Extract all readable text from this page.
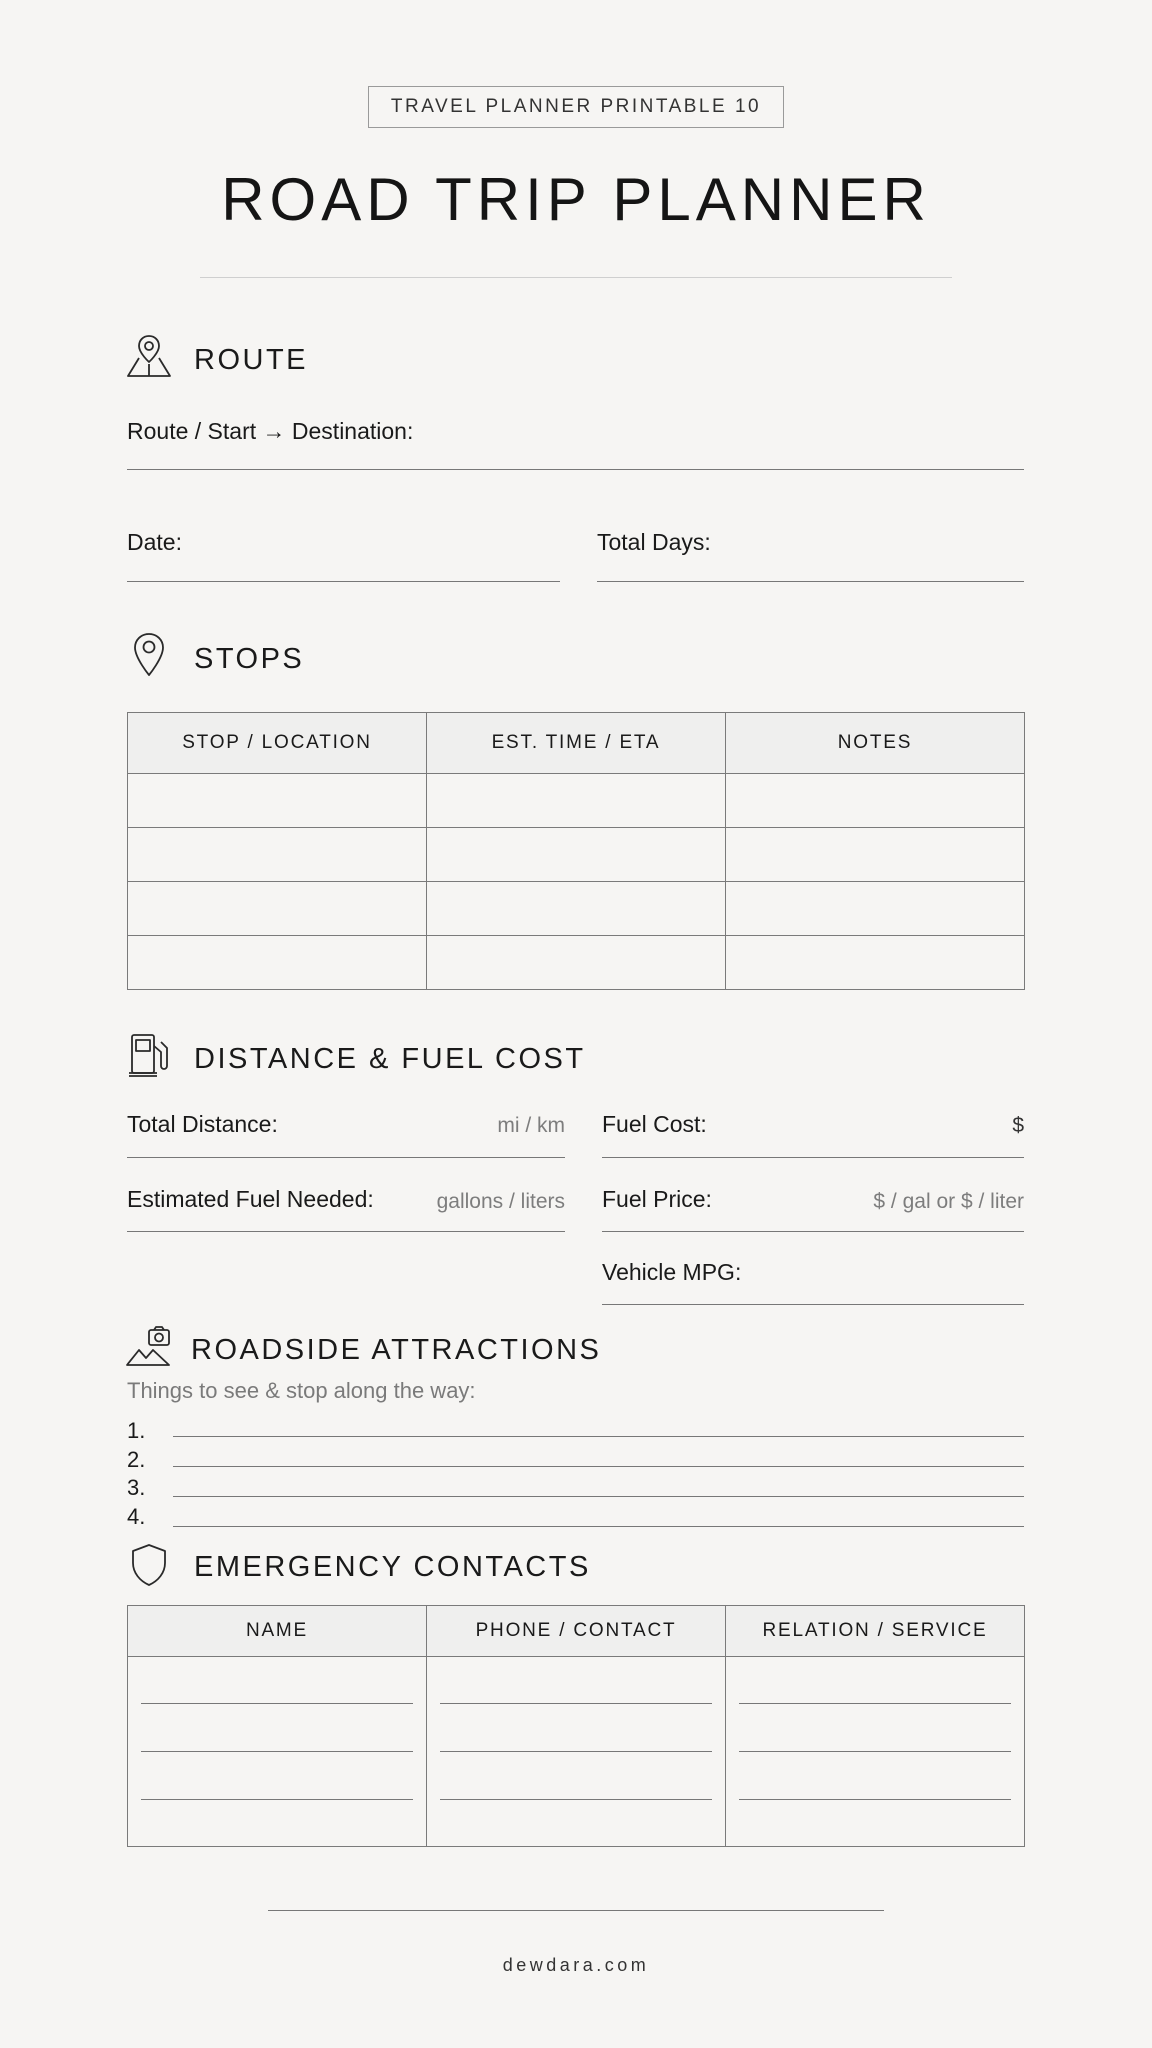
TRAVEL PLANNER PRINTABLE 10
ROAD TRIP PLANNER
ROUTE
Route / Start → Destination:
Date:	Total Days:
STOPS
STOP / LOCATION	EST. TIME / ETA	NOTES

DISTANCE & FUEL COST
Total Distance:	mi / km Fuel Cost:	$
Estimated Fuel Needed:	gallons / liters Fuel Price:	$ / gal or $ / liter
Vehicle MPG:
ROADSIDE ATTRACTIONS
Things to see & stop along the way:
1.
2.
3.
4.
EMERGENCY CONTACTS
NAME	PHONE / CONTACT	RELATION / SERVICE

dewdara.com
